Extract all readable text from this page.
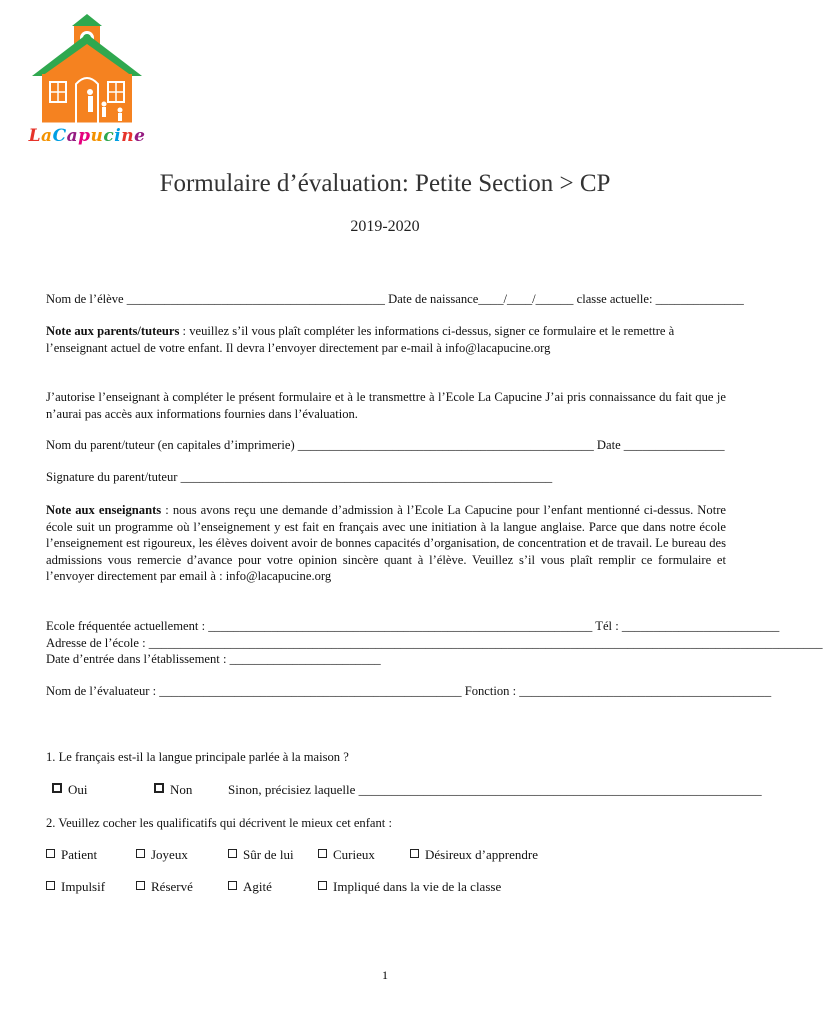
LaCapucine
Formulaire d’évaluation: Petite Section > CP
2019-2020
Nom de l’élève _________________________________________ Date de naissance____/____/______ classe actuelle: ______________
Note aux parents/tuteurs : veuillez s’il vous plaît compléter les informations ci-dessus, signer ce formulaire et le remettre à l’enseignant actuel de votre enfant. Il devra l’envoyer directement par e-mail à info@lacapucine.org
J’autorise l’enseignant à compléter le présent formulaire et à le transmettre à l’Ecole La Capucine J’ai pris connaissance du fait que je n’aurai pas accès aux informations fournies dans l’évaluation.
Nom du parent/tuteur (en capitales d’imprimerie) _______________________________________________ Date ________________
Signature du parent/tuteur ___________________________________________________________
Note aux enseignants : nous avons reçu une demande d’admission à l’Ecole La Capucine pour l’enfant mentionné ci-dessus. Notre école suit un programme où l’enseignement y est fait en français avec une initiation à la langue anglaise. Parce que dans notre école l’enseignement est rigoureux, les élèves doivent avoir de bonnes capacités d’organisation, de concentration et de travail. Le bureau des admissions vous remercie d’avance pour votre opinion sincère quant à l’élève. Veuillez s’il vous plaît remplir ce formulaire et l’envoyer directement par email à : info@lacapucine.org
Ecole fréquentée actuellement : _____________________________________________________________ Tél : _________________________
Adresse de l’école : ___________________________________________________________________________________________________________
Date d’entrée dans l’établissement : ________________________
Nom de l’évaluateur : ________________________________________________ Fonction : ________________________________________
1. Le français est-il la langue principale parlée à la maison ?
Oui	Non	Sinon, précisiez laquelle ______________________________________________________________
2. Veuillez cocher les qualificatifs qui décrivent le mieux cet enfant :
Patient	Joyeux	Sûr de lui	Curieux	Désireux d’apprendre
Impulsif	Réservé	Agité	Impliqué dans la vie de la classe
1
